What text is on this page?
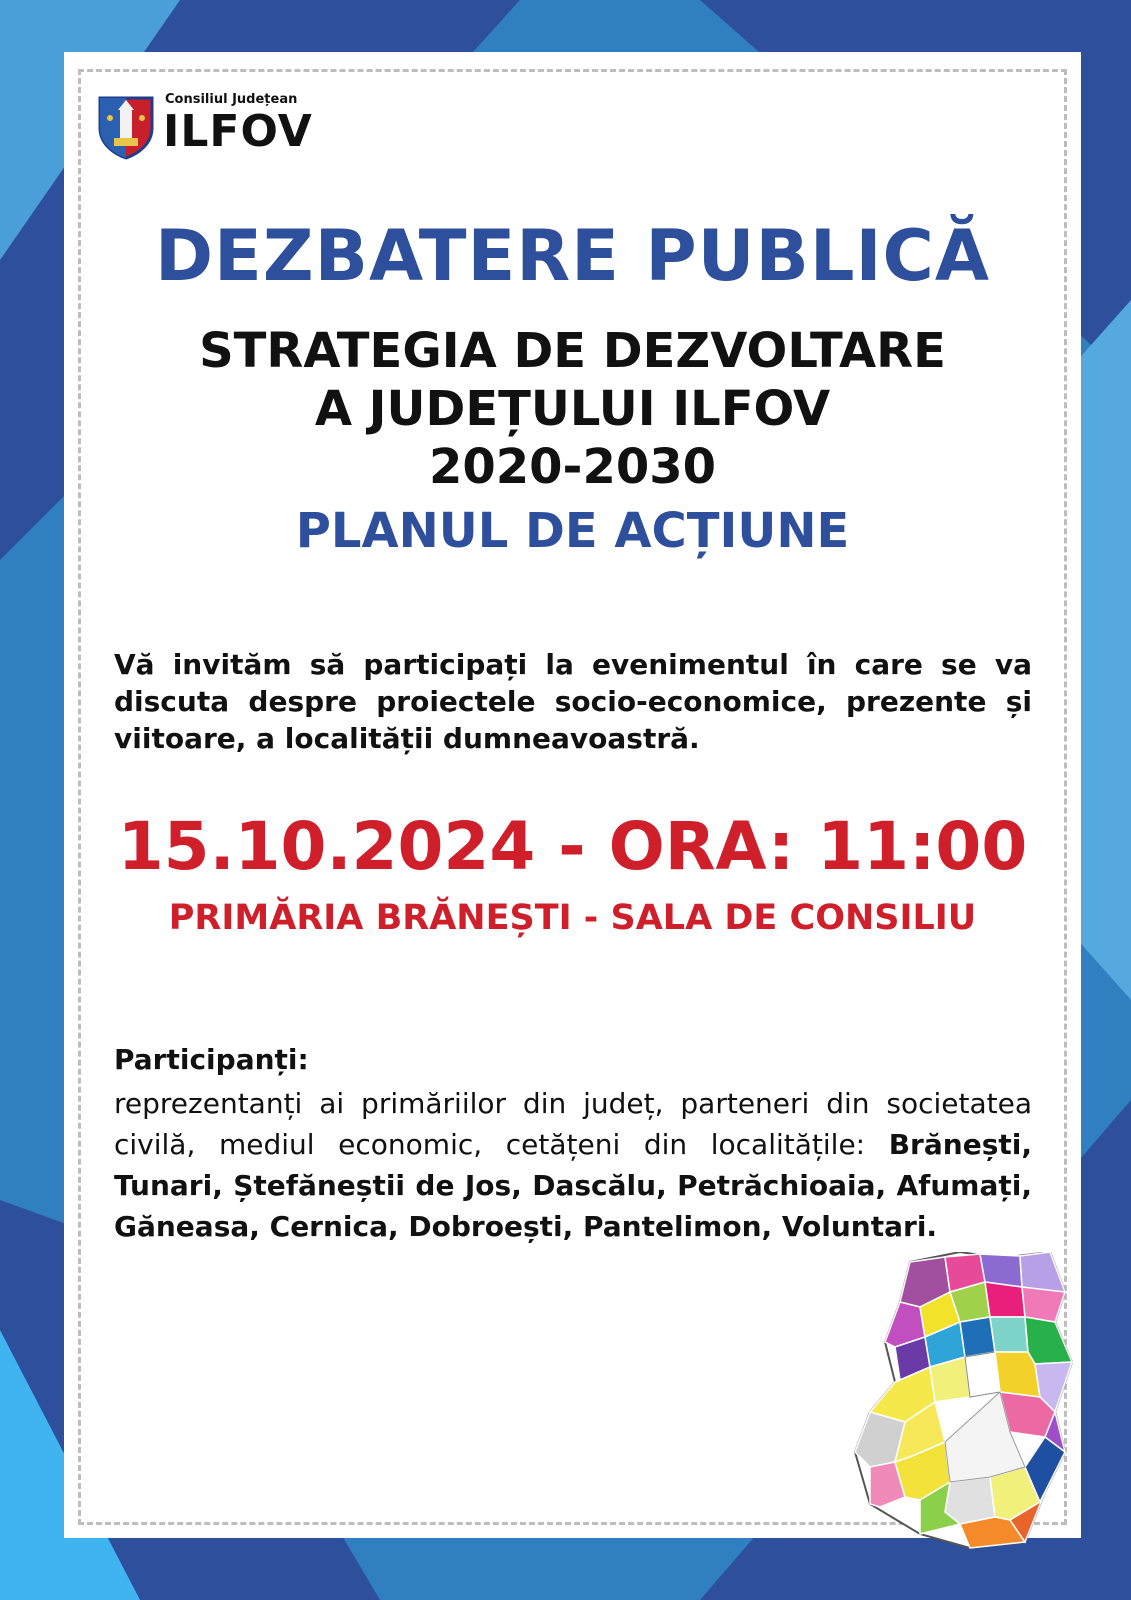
Consiliul Județean
ILFOV
DEZBATERE PUBLICĂ
STRATEGIA DE DEZVOLTARE
A JUDEȚULUI ILFOV
2020-2030
PLANUL DE ACȚIUNE
Vă invităm să participați la evenimentul în care se va discuta despre proiectele socio-economice, prezente și viitoare, a localității dumneavoastră.
15.10.2024 - ORA: 11:00
PRIMĂRIA BRĂNEȘTI - SALA DE CONSILIU
Participanți:
reprezentanți ai primăriilor din județ, parteneri din societatea civilă, mediul economic, cetățeni din localitățile: Brănești, Tunari, Ștefăneștii de Jos, Dascălu, Petrăchioaia, Afumați, Găneasa, Cernica, Dobroești, Pantelimon, Voluntari.
